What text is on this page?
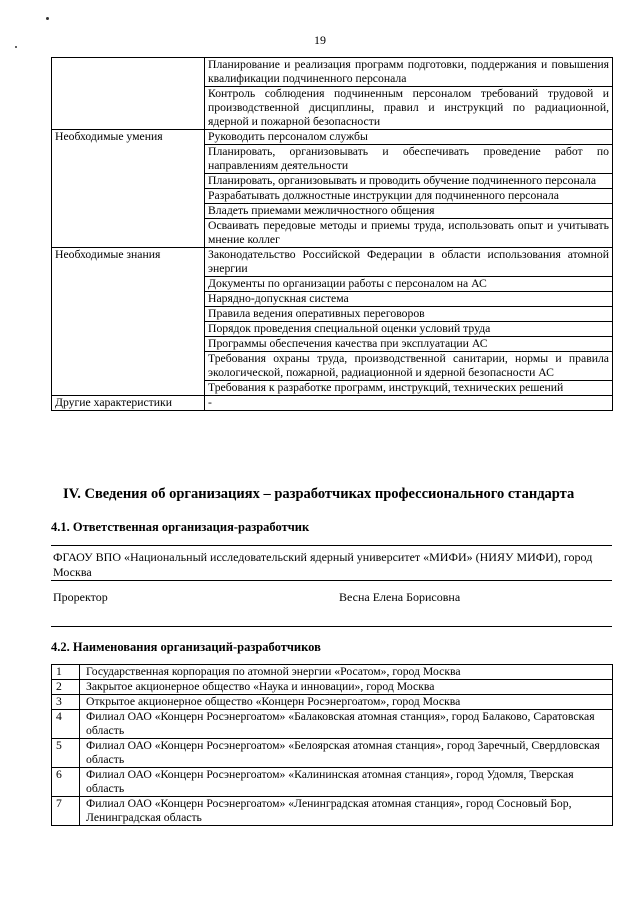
19
	Планирование и реализация программ подготовки, поддержания и повышения квалификации подчиненного персонала
	Контроль соблюдения подчиненным персоналом требований трудовой и производственной дисциплины, правил и инструкций по радиационной, ядерной и пожарной безопасности
Необходимые умения	Руководить персоналом службы
	Планировать, организовывать и обеспечивать проведение работ по направлениям деятельности
	Планировать, организовывать и проводить обучение подчиненного персонала
	Разрабатывать должностные инструкции для подчиненного персонала
	Владеть приемами межличностного общения
	Осваивать передовые методы и приемы труда, использовать опыт и учитывать мнение коллег
Необходимые знания	Законодательство Российской Федерации в области использования атомной энергии
	Документы по организации работы с персоналом на АС
	Нарядно-допускная система
	Правила ведения оперативных переговоров
	Порядок проведения специальной оценки условий труда
	Программы обеспечения качества при эксплуатации АС
	Требования охраны труда, производственной санитарии, нормы и правила экологической, пожарной, радиационной и ядерной безопасности АС
	Требования к разработке программ, инструкций, технических решений
Другие характеристики	-
IV. Сведения об организациях – разработчиках профессионального стандарта
4.1. Ответственная организация-разработчик
ФГАОУ ВПО «Национальный исследовательский ядерный университет «МИФИ» (НИЯУ МИФИ), город Москва
Проректор	Весна Елена Борисовна
4.2. Наименования организаций-разработчиков
1	Государственная корпорация по атомной энергии «Росатом», город Москва
2	Закрытое акционерное общество «Наука и инновации», город Москва
3	Открытое акционерное общество «Концерн Росэнергоатом», город Москва
4	Филиал ОАО «Концерн Росэнергоатом» «Балаковская атомная станция», город Балаково, Саратовская область
5	Филиал ОАО «Концерн Росэнергоатом» «Белоярская атомная станция», город Заречный, Свердловская область
6	Филиал ОАО «Концерн Росэнергоатом» «Калининская атомная станция», город Удомля, Тверская область
7	Филиал ОАО «Концерн Росэнергоатом» «Ленинградская атомная станция», город Сосновый Бор, Ленинградская область
